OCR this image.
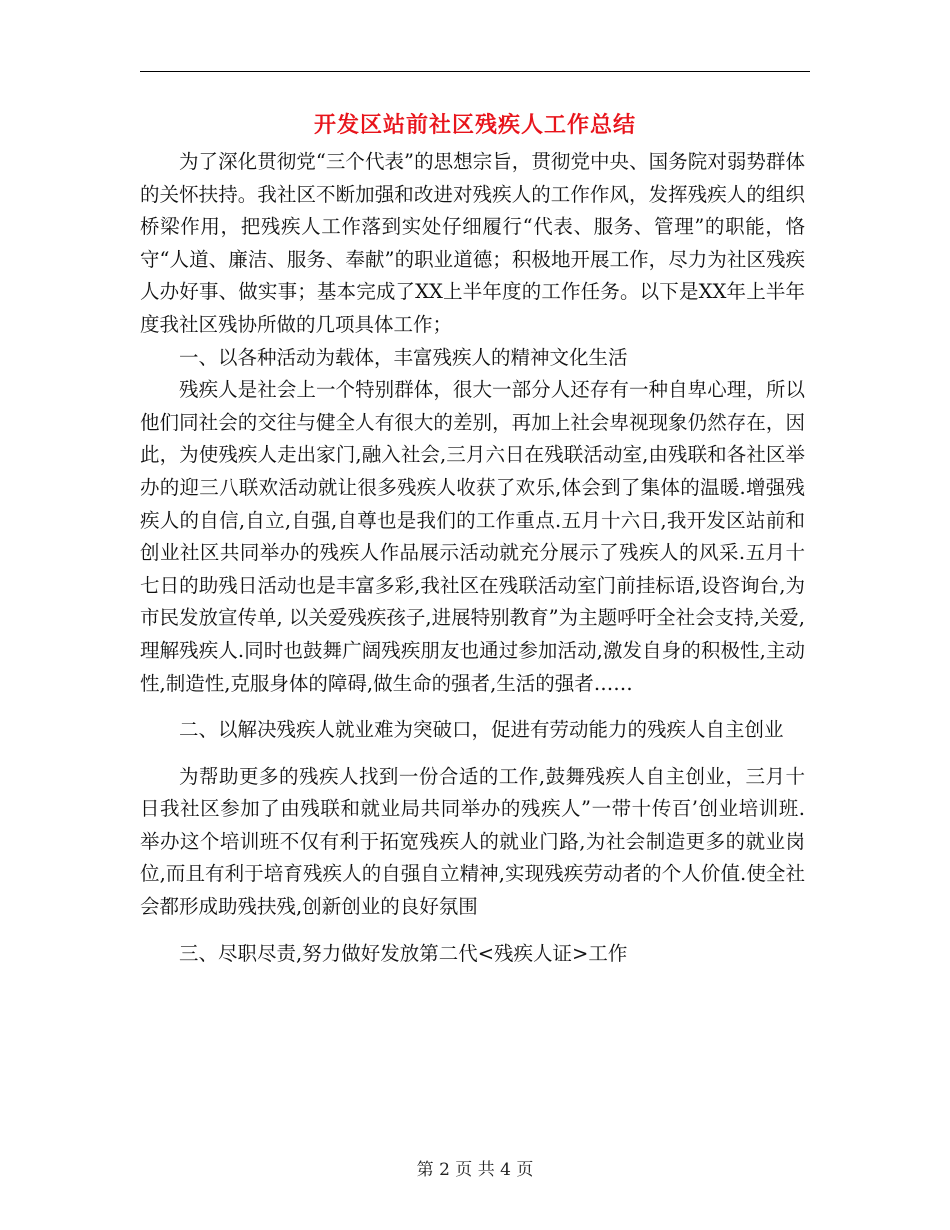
开发区站前社区残疾人工作总结

为了深化贯彻党“三个代表”的思想宗旨，贯彻党中央、国务院对弱势群体的关怀扶持。我社区不断加强和改进对残疾人的工作作风，发挥残疾人的组织桥梁作用，把残疾人工作落到实处仔细履行“代表、服务、管理”的职能，恪守“人道、廉洁、服务、奉献”的职业道德；积极地开展工作，尽力为社区残疾人办好事、做实事；基本完成了XX上半年度的工作任务。以下是XX年上半年度我社区残协所做的几项具体工作；

一、以各种活动为载体，丰富残疾人的精神文化生活

残疾人是社会上一个特别群体，很大一部分人还存有一种自卑心理，所以他们同社会的交往与健全人有很大的差别，再加上社会卑视现象仍然存在，因此，为使残疾人走出家门,融入社会,三月六日在残联活动室,由残联和各社区举办的迎三八联欢活动就让很多残疾人收获了欢乐,体会到了集体的温暖.增强残疾人的自信,自立,自强,自尊也是我们的工作重点.五月十六日,我开发区站前和创业社区共同举办的残疾人作品展示活动就充分展示了残疾人的风采.五月十七日的助残日活动也是丰富多彩,我社区在残联活动室门前挂标语,设咨询台,为市民发放宣传单, 以关爱残疾孩子,进展特别教育”为主题呼吁全社会支持,关爱,理解残疾人.同时也鼓舞广阔残疾朋友也通过参加活动,激发自身的积极性,主动性,制造性,克服身体的障碍,做生命的强者,生活的强者……

二、以解决残疾人就业难为突破口，促进有劳动能力的残疾人自主创业

为帮助更多的残疾人找到一份合适的工作,鼓舞残疾人自主创业，三月十日我社区参加了由残联和就业局共同举办的残疾人”一带十传百’创业培训班. 举办这个培训班不仅有利于拓宽残疾人的就业门路,为社会制造更多的就业岗位,而且有利于培育残疾人的自强自立精神,实现残疾劳动者的个人价值.使全社会都形成助残扶残,创新创业的良好氛围

三、尽职尽责,努力做好发放第二代<残疾人证>工作

第 2 页 共 4 页
